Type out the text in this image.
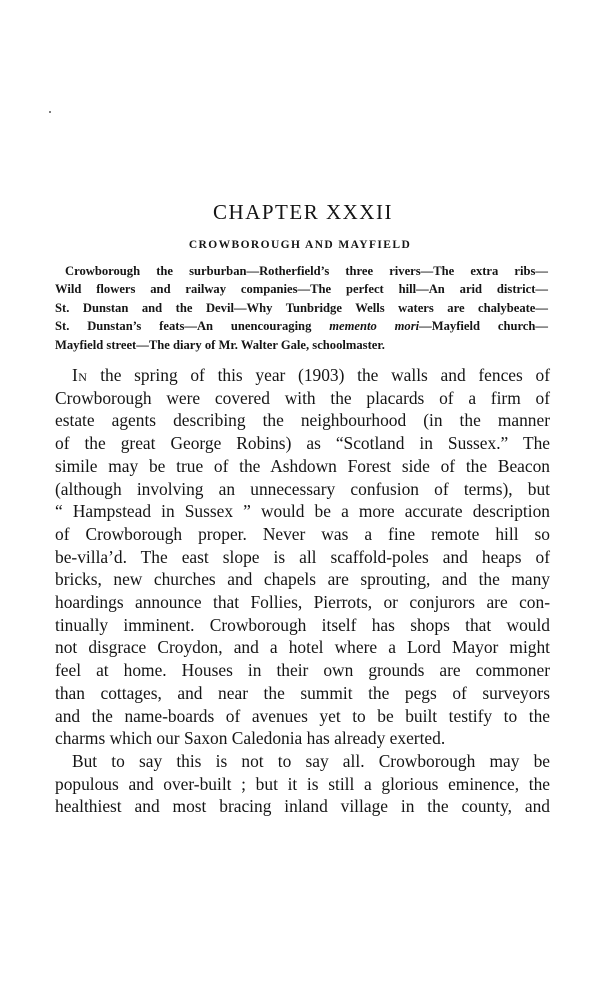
CHAPTER XXXII
CROWBOROUGH AND MAYFIELD
Crowborough the surburban—Rotherfield’s three rivers—The extra ribs—
Wild flowers and railway companies—The perfect hill—An arid district—
St. Dunstan and the Devil—Why Tunbridge Wells waters are chalybeate—
St. Dunstan’s feats—An unencouraging memento mori—Mayfield church—
Mayfield street—The diary of Mr. Walter Gale, schoolmaster.
In the spring of this year (1903) the walls and fences of
Crowborough were covered with the placards of a firm of
estate agents describing the neighbourhood (in the manner
of the great George Robins) as “Scotland in Sussex.” The
simile may be true of the Ashdown Forest side of the Beacon
(although involving an unnecessary confusion of terms), but
“ Hampstead in Sussex ” would be a more accurate description
of Crowborough proper. Never was a fine remote hill so
be-villa’d. The east slope is all scaffold-poles and heaps of
bricks, new churches and chapels are sprouting, and the many
hoardings announce that Follies, Pierrots, or conjurors are con-
tinually imminent. Crowborough itself has shops that would
not disgrace Croydon, and a hotel where a Lord Mayor might
feel at home. Houses in their own grounds are commoner
than cottages, and near the summit the pegs of surveyors
and the name-boards of avenues yet to be built testify to the
charms which our Saxon Caledonia has already exerted.
But to say this is not to say all. Crowborough may be
populous and over-built ; but it is still a glorious eminence, the
healthiest and most bracing inland village in the county, and
